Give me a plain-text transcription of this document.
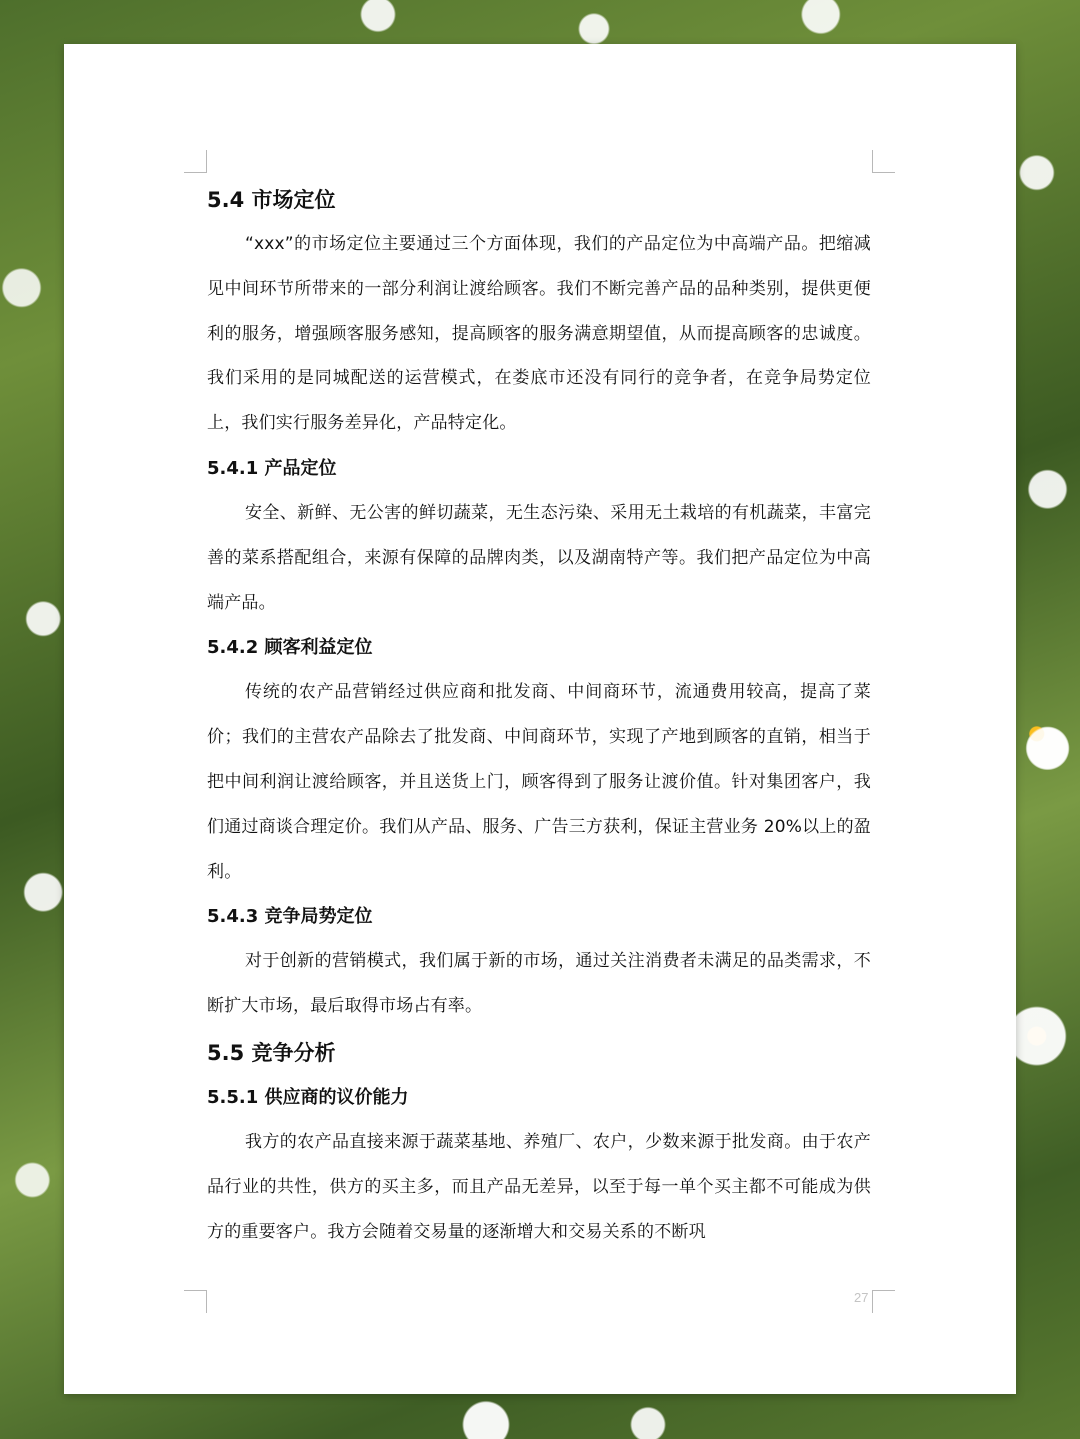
5.4 市场定位

“xxx”的市场定位主要通过三个方面体现，我们的产品定位为中高端产品。把缩减见中间环节所带来的一部分利润让渡给顾客。我们不断完善产品的品种类别，提供更便利的服务，增强顾客服务感知，提高顾客的服务满意期望值，从而提高顾客的忠诚度。我们采用的是同城配送的运营模式，在娄底市还没有同行的竞争者，在竞争局势定位上，我们实行服务差异化，产品特定化。

5.4.1 产品定位

安全、新鲜、无公害的鲜切蔬菜，无生态污染、采用无土栽培的有机蔬菜，丰富完善的菜系搭配组合，来源有保障的品牌肉类，以及湖南特产等。我们把产品定位为中高端产品。

5.4.2 顾客利益定位

传统的农产品营销经过供应商和批发商、中间商环节，流通费用较高，提高了菜价；我们的主营农产品除去了批发商、中间商环节，实现了产地到顾客的直销，相当于把中间利润让渡给顾客，并且送货上门，顾客得到了服务让渡价值。针对集团客户，我们通过商谈合理定价。我们从产品、服务、广告三方获利，保证主营业务 20%以上的盈利。

5.4.3 竞争局势定位

对于创新的营销模式，我们属于新的市场，通过关注消费者未满足的品类需求，不断扩大市场，最后取得市场占有率。

5.5 竞争分析
5.5.1 供应商的议价能力

我方的农产品直接来源于蔬菜基地、养殖厂、农户，少数来源于批发商。由于农产品行业的共性，供方的买主多，而且产品无差异，以至于每一单个买主都不可能成为供方的重要客户。我方会随着交易量的逐渐增大和交易关系的不断巩

27
